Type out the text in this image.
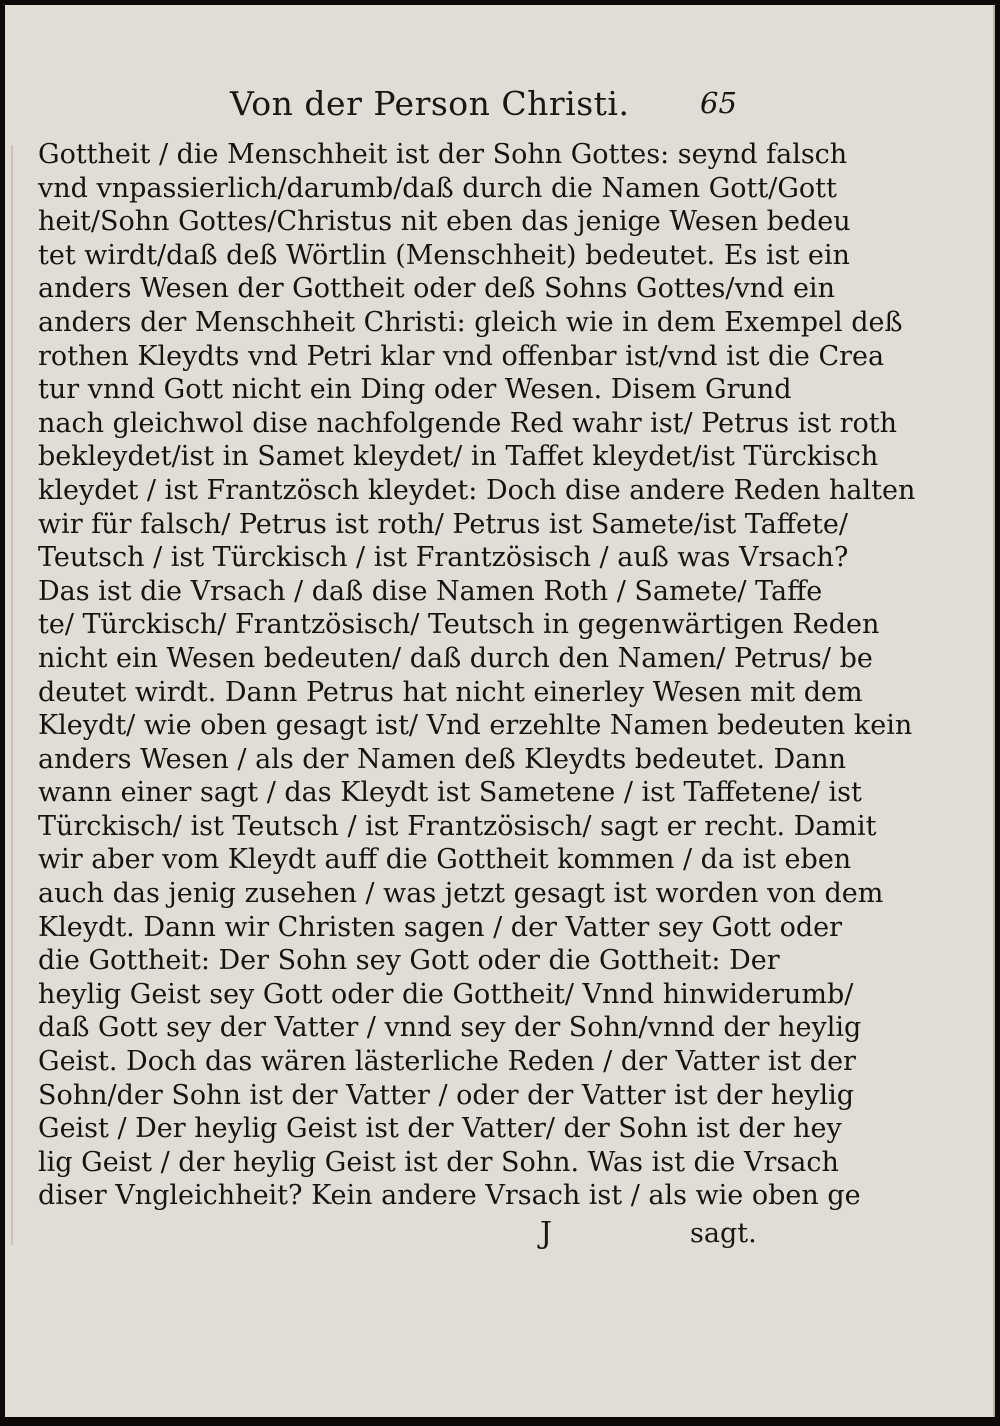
Von der Person Christi. 65
Gottheit / die Menschheit ist der Sohn Gottes: seynd falsch
vnd vnpassierlich/darumb/daß durch die Namen Gott/Gott
heit/Sohn Gottes/Christus nit eben das jenige Wesen bedeu
tet wirdt/daß deß Wörtlin (Menschheit) bedeutet. Es ist ein
anders Wesen der Gottheit oder deß Sohns Gottes/vnd ein
anders der Menschheit Christi: gleich wie in dem Exempel deß
rothen Kleydts vnd Petri klar vnd offenbar ist/vnd ist die Crea
tur vnnd Gott nicht ein Ding oder Wesen. Disem Grund
nach gleichwol dise nachfolgende Red wahr ist/ Petrus ist roth
bekleydet/ist in Samet kleydet/ in Taffet kleydet/ist Türckisch
kleydet / ist Frantzösch kleydet: Doch dise andere Reden halten
wir für falsch/ Petrus ist roth/ Petrus ist Samete/ist Taffete/
Teutsch / ist Türckisch / ist Frantzösisch / auß was Vrsach?
Das ist die Vrsach / daß dise Namen Roth / Samete/ Taffe
te/ Türckisch/ Frantzösisch/ Teutsch in gegenwärtigen Reden
nicht ein Wesen bedeuten/ daß durch den Namen/ Petrus/ be
deutet wirdt. Dann Petrus hat nicht einerley Wesen mit dem
Kleydt/ wie oben gesagt ist/ Vnd erzehlte Namen bedeuten kein
anders Wesen / als der Namen deß Kleydts bedeutet. Dann
wann einer sagt / das Kleydt ist Sametene / ist Taffetene/ ist
Türckisch/ ist Teutsch / ist Frantzösisch/ sagt er recht. Damit
wir aber vom Kleydt auff die Gottheit kommen / da ist eben
auch das jenig zusehen / was jetzt gesagt ist worden von dem
Kleydt. Dann wir Christen sagen / der Vatter sey Gott oder
die Gottheit: Der Sohn sey Gott oder die Gottheit: Der
heylig Geist sey Gott oder die Gottheit/ Vnnd hinwiderumb/
daß Gott sey der Vatter / vnnd sey der Sohn/vnnd der heylig
Geist. Doch das wären lästerliche Reden / der Vatter ist der
Sohn/der Sohn ist der Vatter / oder der Vatter ist der heylig
Geist / Der heylig Geist ist der Vatter/ der Sohn ist der hey
lig Geist / der heylig Geist ist der Sohn. Was ist die Vrsach
diser Vngleichheit? Kein andere Vrsach ist / als wie oben ge
J	sagt.
